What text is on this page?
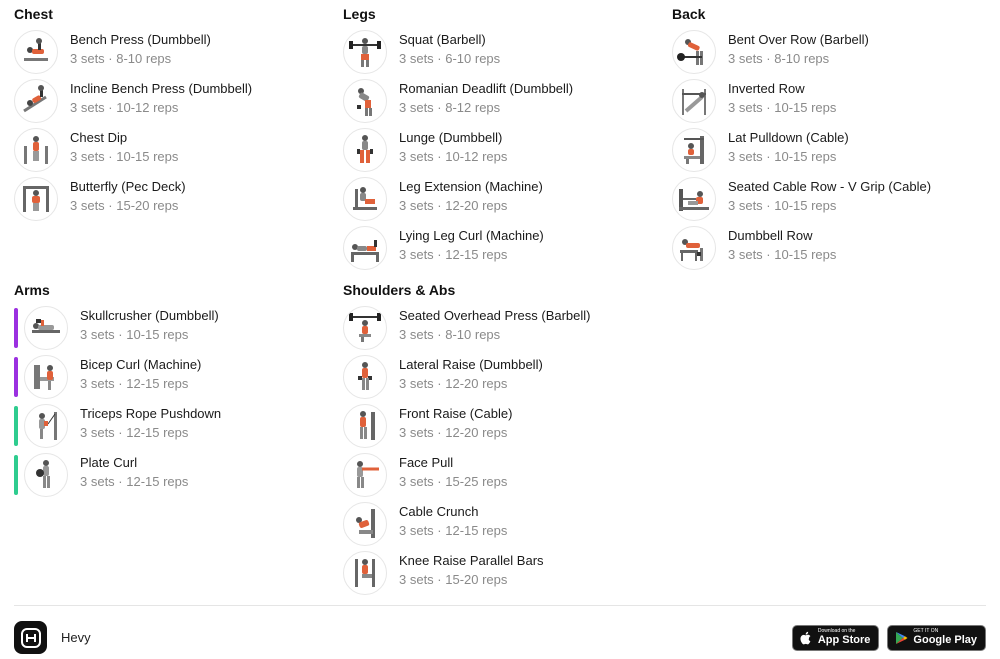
Chest
Bench Press (Dumbbell)
3 sets · 8-10 reps
Incline Bench Press (Dumbbell)
3 sets · 10-12 reps
Chest Dip
3 sets · 10-15 reps
Butterfly (Pec Deck)
3 sets · 15-20 reps
Legs
Squat (Barbell)
3 sets · 6-10 reps
Romanian Deadlift (Dumbbell)
3 sets · 8-12 reps
Lunge (Dumbbell)
3 sets · 10-12 reps
Leg Extension (Machine)
3 sets · 12-20 reps
Lying Leg Curl (Machine)
3 sets · 12-15 reps
Back
Bent Over Row (Barbell)
3 sets · 8-10 reps
Inverted Row
3 sets · 10-15 reps
Lat Pulldown (Cable)
3 sets · 10-15 reps
Seated Cable Row - V Grip (Cable)
3 sets · 10-15 reps
Dumbbell Row
3 sets · 10-15 reps
Arms
Skullcrusher (Dumbbell)
3 sets · 10-15 reps
Bicep Curl (Machine)
3 sets · 12-15 reps
Triceps Rope Pushdown
3 sets · 12-15 reps
Plate Curl
3 sets · 12-15 reps
Shoulders & Abs
Seated Overhead Press (Barbell)
3 sets · 8-10 reps
Lateral Raise (Dumbbell)
3 sets · 12-20 reps
Front Raise (Cable)
3 sets · 12-20 reps
Face Pull
3 sets · 15-25 reps
Cable Crunch
3 sets · 12-15 reps
Knee Raise Parallel Bars
3 sets · 15-20 reps
Hevy	Download on the
App Store
GET IT ON
Google Play
